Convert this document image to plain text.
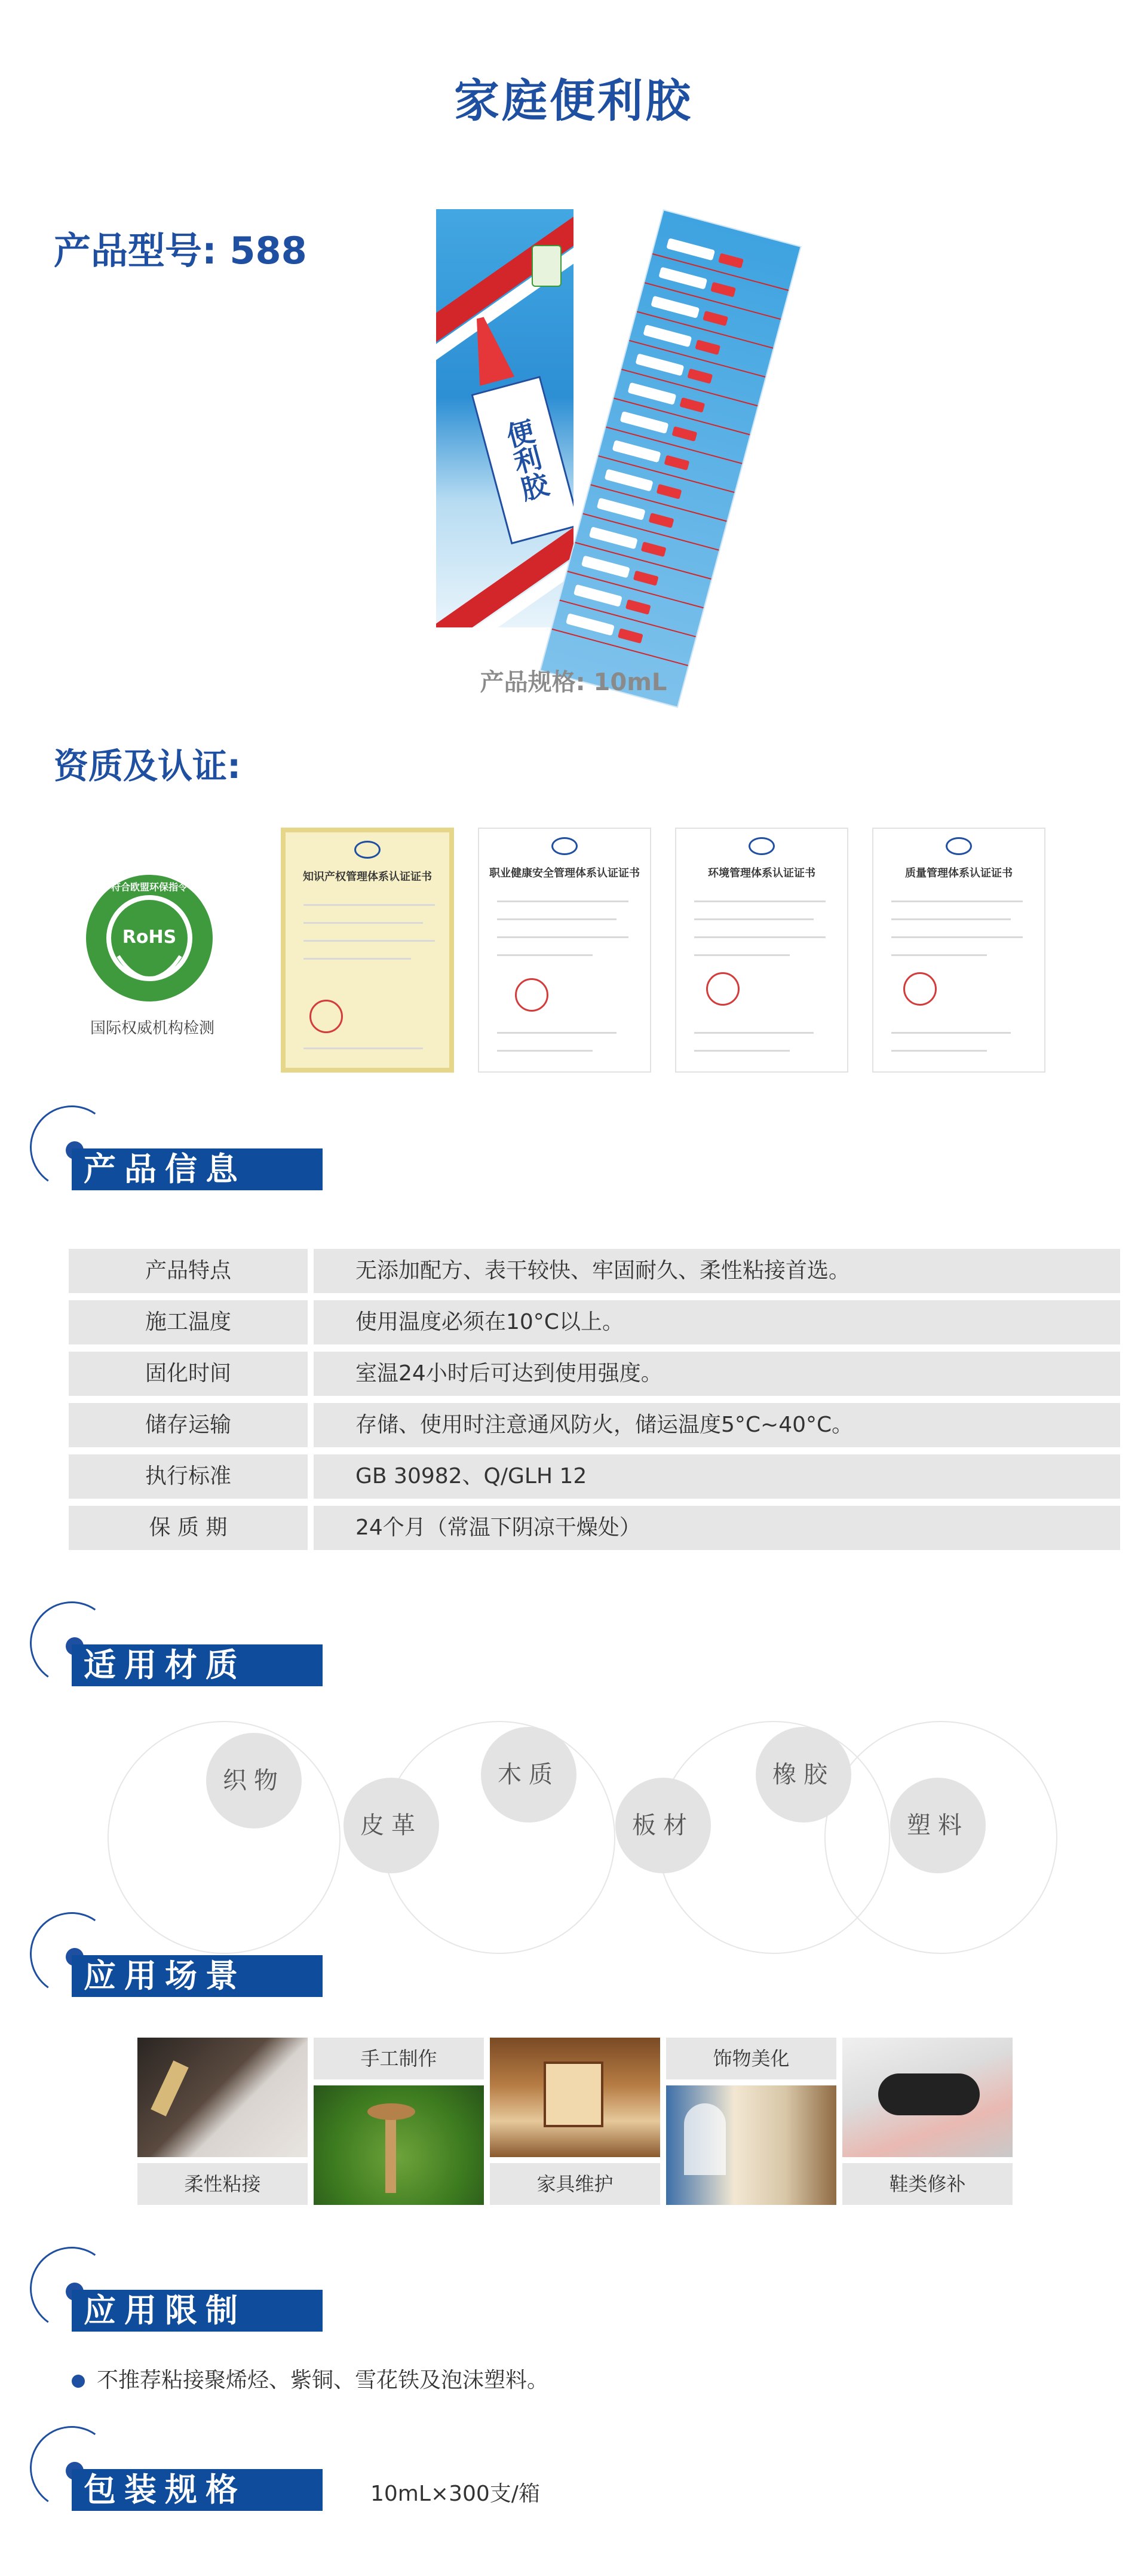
家庭便利胶
产品型号: 588
便利胶
产品规格: 10mL
资质及认证:
RoHS
符合欧盟环保指令
国际权威机构检测
知识产权管理体系认证证书	职业健康安全管理体系认证证书	环境管理体系认证证书	质量管理体系认证证书
产品信息
产品特点	无添加配方、表干较快、牢固耐久、柔性粘接首选。
施工温度	使用温度必须在10°C以上。
固化时间	室温24小时后可达到使用强度。
储存运输	存储、使用时注意通风防火，储运温度5°C~40°C。
执行标准	GB 30982、Q/GLH 12
保 质 期	24个月（常温下阴凉干燥处）
适用材质
织物
皮革
木质
板材
橡胶
塑料
应用场景
柔性粘接
手工制作
家具维护
饰物美化
鞋类修补
应用限制
不推荐粘接聚烯烃、紫铜、雪花铁及泡沫塑料。
包装规格	10mL×300支/箱
